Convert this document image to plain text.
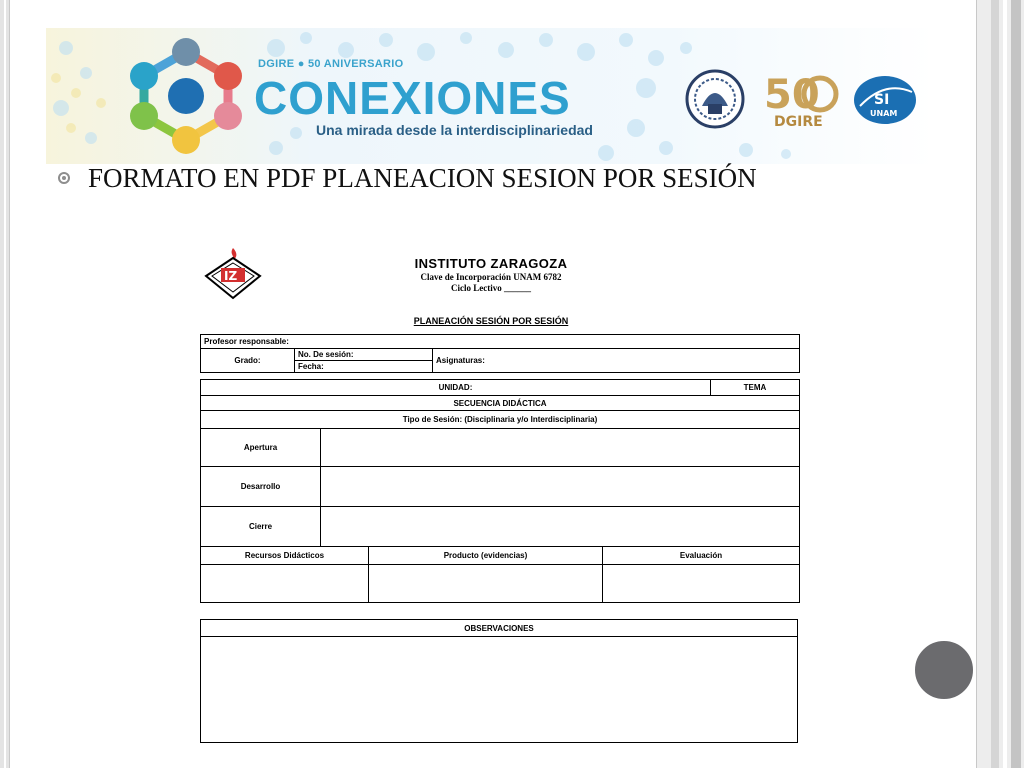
DGIRE ● 50 ANIVERSARIO
CONEXIONES
Una mirada desde la interdisciplinariedad
50
DGIRE
SI
UNAM
FORMATO EN PDF PLANEACION SESION POR SESIÓN
IZ
INSTITUTO ZARAGOZA
Clave de Incorporación UNAM 6782
Ciclo Lectivo ______
PLANEACIÓN SESIÓN POR SESIÓN
Profesor responsable:
Grado:	No. De sesión:	Asignaturas:
Fecha:
UNIDAD:		TEMA
SECUENCIA DIDÁCTICA		
Tipo de Sesión: (Disciplinaria y/o Interdisciplinaria)		
Apertura		
Desarrollo		
Cierre		
Recursos Didácticos	Producto (evidencias)	Evaluación

OBSERVACIONES
